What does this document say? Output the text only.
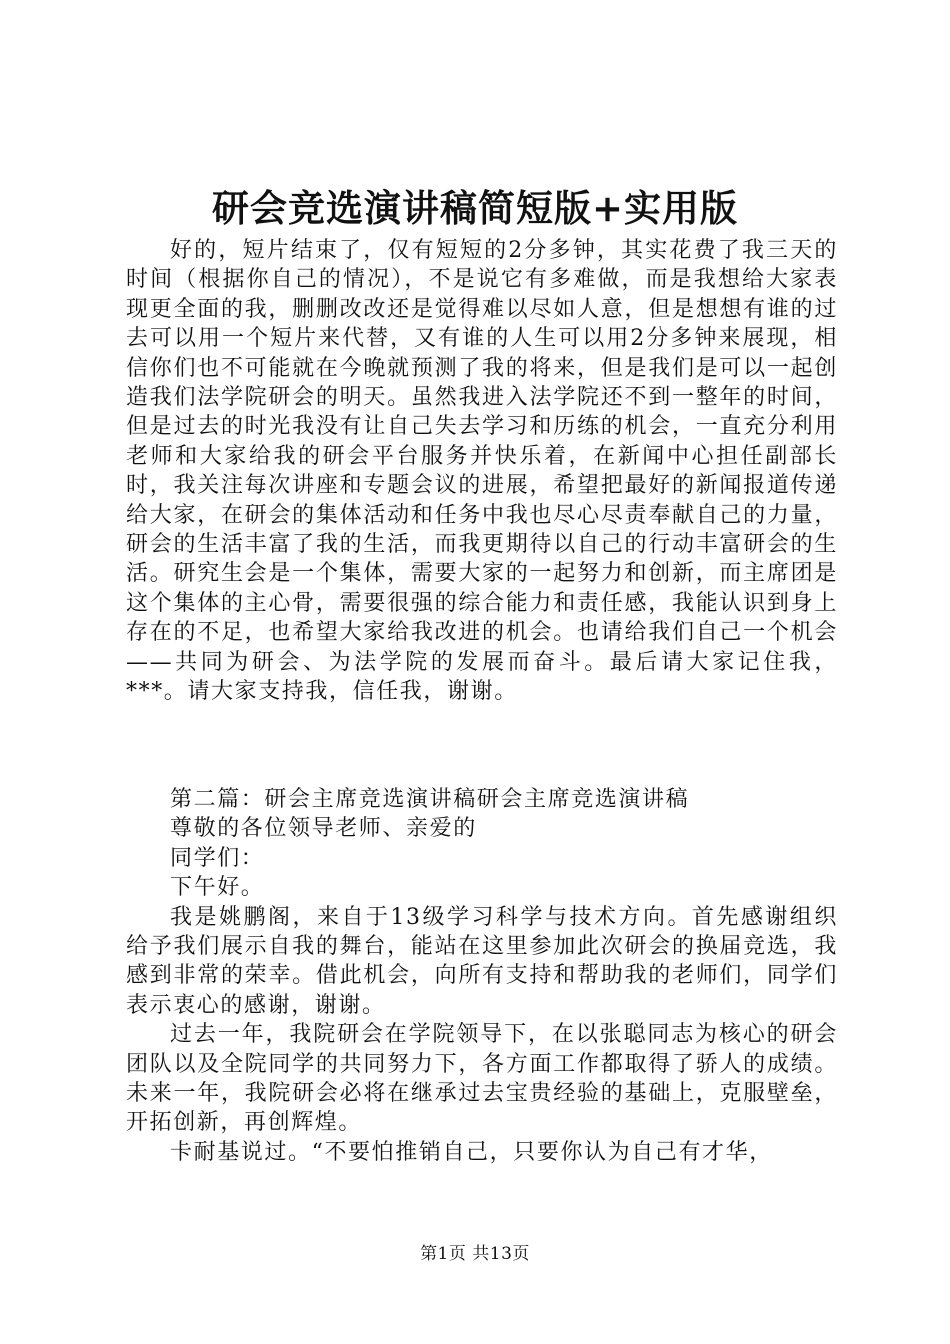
研会竞选演讲稿简短版+实用版

好的，短片结束了，仅有短短的2分多钟，其实花费了我三天的时间（根据你自己的情况），不是说它有多难做，而是我想给大家表现更全面的我，删删改改还是觉得难以尽如人意，但是想想有谁的过去可以用一个短片来代替，又有谁的人生可以用2分多钟来展现，相信你们也不可能就在今晚就预测了我的将来，但是我们是可以一起创造我们法学院研会的明天。虽然我进入法学院还不到一整年的时间，但是过去的时光我没有让自己失去学习和历练的机会，一直充分利用老师和大家给我的研会平台服务并快乐着，在新闻中心担任副部长时，我关注每次讲座和专题会议的进展，希望把最好的新闻报道传递给大家，在研会的集体活动和任务中我也尽心尽责奉献自己的力量，研会的生活丰富了我的生活，而我更期待以自己的行动丰富研会的生活。研究生会是一个集体，需要大家的一起努力和创新，而主席团是这个集体的主心骨，需要很强的综合能力和责任感，我能认识到身上存在的不足，也希望大家给我改进的机会。也请给我们自己一个机会——共同为研会、为法学院的发展而奋斗。最后请大家记住我，***。请大家支持我，信任我，谢谢。

第二篇：研会主席竞选演讲稿研会主席竞选演讲稿

尊敬的各位领导老师、亲爱的

同学们：

下午好。

我是姚鹏阁，来自于13级学习科学与技术方向。首先感谢组织给予我们展示自我的舞台，能站在这里参加此次研会的换届竞选，我感到非常的荣幸。借此机会，向所有支持和帮助我的老师们，同学们表示衷心的感谢，谢谢。

过去一年，我院研会在学院领导下，在以张聪同志为核心的研会团队以及全院同学的共同努力下，各方面工作都取得了骄人的成绩。未来一年，我院研会必将在继承过去宝贵经验的基础上，克服壁垒，开拓创新，再创辉煌。

卡耐基说过。“不要怕推销自己，只要你认为自己有才华，

第1页 共13页
